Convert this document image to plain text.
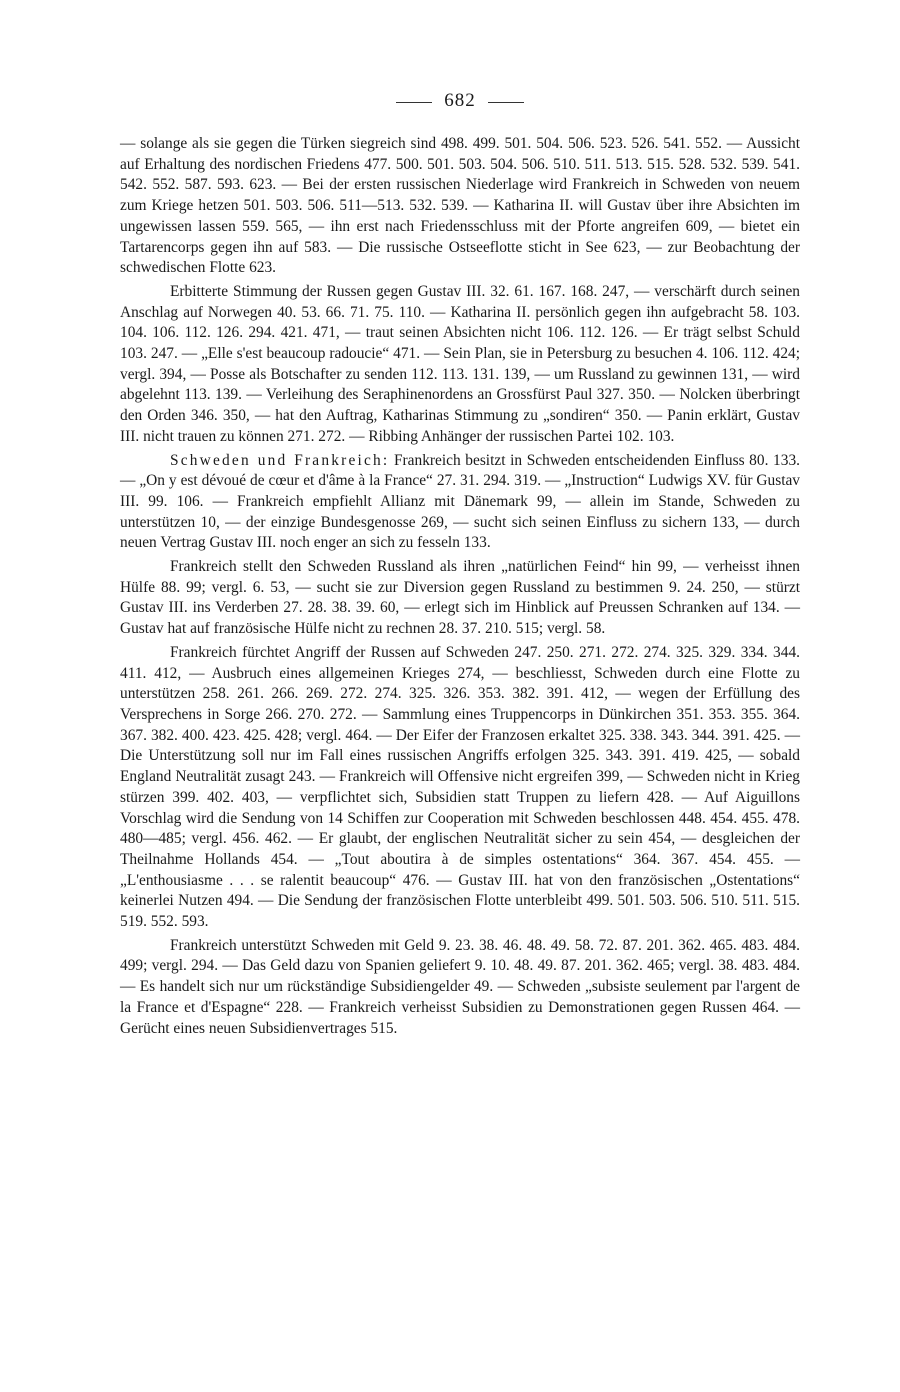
682

— solange als sie gegen die Türken siegreich sind 498. 499. 501. 504. 506. 523. 526. 541. 552. — Aussicht auf Erhaltung des nordischen Friedens 477. 500. 501. 503. 504. 506. 510. 511. 513. 515. 528. 532. 539. 541. 542. 552. 587. 593. 623. — Bei der ersten russischen Niederlage wird Frankreich in Schweden von neuem zum Kriege hetzen 501. 503. 506. 511—513. 532. 539. — Katharina II. will Gustav über ihre Absichten im ungewissen lassen 559. 565, — ihn erst nach Friedensschluss mit der Pforte angreifen 609, — bietet ein Tartarencorps gegen ihn auf 583. — Die russische Ostseeflotte sticht in See 623, — zur Beobachtung der schwedischen Flotte 623.

Erbitterte Stimmung der Russen gegen Gustav III. 32. 61. 167. 168. 247, — verschärft durch seinen Anschlag auf Norwegen 40. 53. 66. 71. 75. 110. — Katharina II. persönlich gegen ihn aufgebracht 58. 103. 104. 106. 112. 126. 294. 421. 471, — traut seinen Absichten nicht 106. 112. 126. — Er trägt selbst Schuld 103. 247. — „Elle s'est beaucoup radoucie“ 471. — Sein Plan, sie in Petersburg zu besuchen 4. 106. 112. 424; vergl. 394, — Posse als Botschafter zu senden 112. 113. 131. 139, — um Russland zu gewinnen 131, — wird abgelehnt 113. 139. — Verleihung des Seraphinenordens an Grossfürst Paul 327. 350. — Nolcken überbringt den Orden 346. 350, — hat den Auftrag, Katharinas Stimmung zu „sondiren“ 350. — Panin erklärt, Gustav III. nicht trauen zu können 271. 272. — Ribbing Anhänger der russischen Partei 102. 103.

Schweden und Frankreich: Frankreich besitzt in Schweden entscheidenden Einfluss 80. 133. — „On y est dévoué de cœur et d'âme à la France“ 27. 31. 294. 319. — „Instruction“ Ludwigs XV. für Gustav III. 99. 106. — Frankreich empfiehlt Allianz mit Dänemark 99, — allein im Stande, Schweden zu unterstützen 10, — der einzige Bundesgenosse 269, — sucht sich seinen Einfluss zu sichern 133, — durch neuen Vertrag Gustav III. noch enger an sich zu fesseln 133.

Frankreich stellt den Schweden Russland als ihren „natürlichen Feind“ hin 99, — verheisst ihnen Hülfe 88. 99; vergl. 6. 53, — sucht sie zur Diversion gegen Russland zu bestimmen 9. 24. 250, — stürzt Gustav III. ins Verderben 27. 28. 38. 39. 60, — erlegt sich im Hinblick auf Preussen Schranken auf 134. — Gustav hat auf französische Hülfe nicht zu rechnen 28. 37. 210. 515; vergl. 58.

Frankreich fürchtet Angriff der Russen auf Schweden 247. 250. 271. 272. 274. 325. 329. 334. 344. 411. 412, — Ausbruch eines allgemeinen Krieges 274, — beschliesst, Schweden durch eine Flotte zu unterstützen 258. 261. 266. 269. 272. 274. 325. 326. 353. 382. 391. 412, — wegen der Erfüllung des Versprechens in Sorge 266. 270. 272. — Sammlung eines Truppencorps in Dünkirchen 351. 353. 355. 364. 367. 382. 400. 423. 425. 428; vergl. 464. — Der Eifer der Franzosen erkaltet 325. 338. 343. 344. 391. 425. — Die Unterstützung soll nur im Fall eines russischen Angriffs erfolgen 325. 343. 391. 419. 425, — sobald England Neutralität zusagt 243. — Frankreich will Offensive nicht ergreifen 399, — Schweden nicht in Krieg stürzen 399. 402. 403, — verpflichtet sich, Subsidien statt Truppen zu liefern 428. — Auf Aiguillons Vorschlag wird die Sendung von 14 Schiffen zur Cooperation mit Schweden beschlossen 448. 454. 455. 478. 480—485; vergl. 456. 462. — Er glaubt, der englischen Neutralität sicher zu sein 454, — desgleichen der Theilnahme Hollands 454. — „Tout aboutira à de simples ostentations“ 364. 367. 454. 455. — „L'enthousiasme . . . se ralentit beaucoup“ 476. — Gustav III. hat von den französischen „Ostentations“ keinerlei Nutzen 494. — Die Sendung der französischen Flotte unterbleibt 499. 501. 503. 506. 510. 511. 515. 519. 552. 593.

Frankreich unterstützt Schweden mit Geld 9. 23. 38. 46. 48. 49. 58. 72. 87. 201. 362. 465. 483. 484. 499; vergl. 294. — Das Geld dazu von Spanien geliefert 9. 10. 48. 49. 87. 201. 362. 465; vergl. 38. 483. 484. — Es handelt sich nur um rückständige Subsidiengelder 49. — Schweden „subsiste seulement par l'argent de la France et d'Espagne“ 228. — Frankreich verheisst Subsidien zu Demonstrationen gegen Russen 464. — Gerücht eines neuen Subsidienvertrages 515.
